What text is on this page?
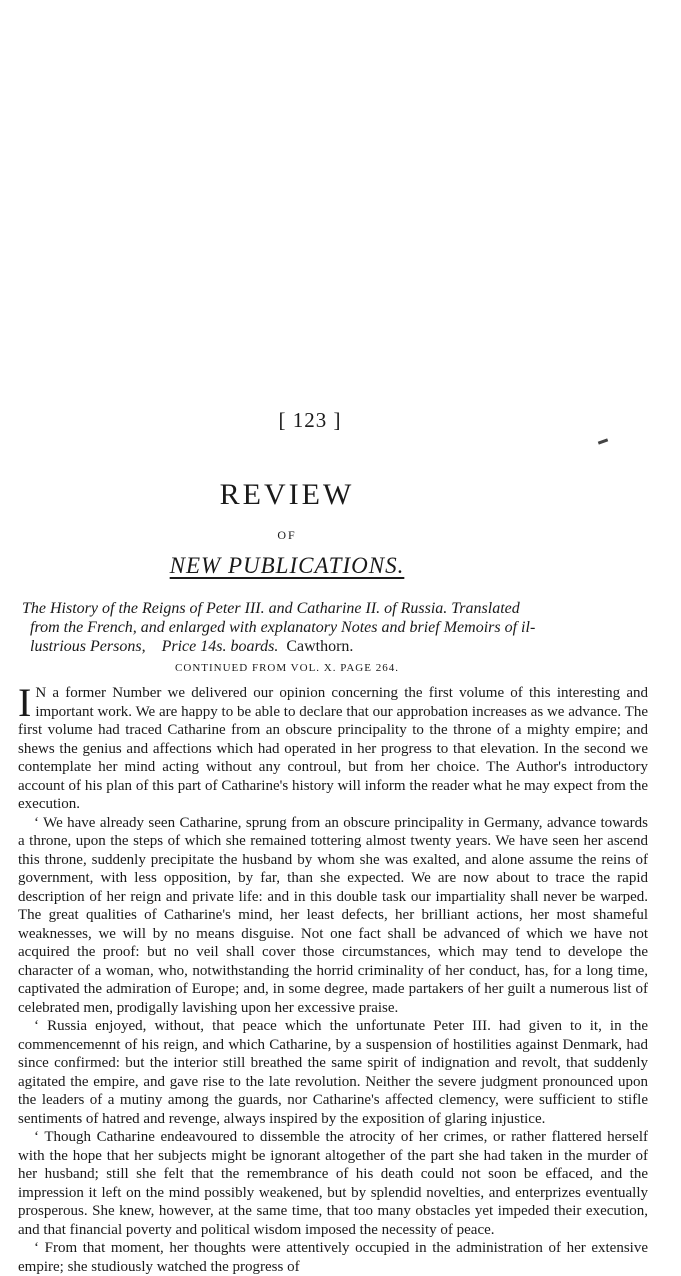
[ 123 ]
REVIEW
OF
NEW PUBLICATIONS.
The History of the Reigns of Peter III. and Catharine II. of Russia. Translated
from the French, and enlarged with explanatory Notes and brief Memoirs of il-
lustrious Persons, Price 14s. boards. Cawthorn.
CONTINUED FROM VOL. X. PAGE 264.

I N a former Number we delivered our opinion concerning the first volume of this interesting and important work. We are happy to be able to declare that our approbation increases as we advance. The first volume had traced Catharine from an obscure principality to the throne of a mighty empire; and shews the genius and affections which had operated in her progress to that elevation. In the second we contemplate her mind acting without any controul, but from her choice. The Author's introductory account of his plan of this part of Catharine's history will inform the reader what he may expect from the execution.

‘ We have already seen Catharine, sprung from an obscure principality in Germany, advance towards a throne, upon the steps of which she remained tottering almost twenty years. We have seen her ascend this throne, suddenly precipitate the husband by whom she was exalted, and alone assume the reins of government, with less opposition, by far, than she expected. We are now about to trace the rapid description of her reign and private life: and in this double task our impartiality shall never be warped. The great qualities of Catharine's mind, her least defects, her brilliant actions, her most shameful weaknesses, we will by no means disguise. Not one fact shall be advanced of which we have not acquired the proof: but no veil shall cover those circumstances, which may tend to develope the character of a woman, who, notwithstanding the horrid criminality of her conduct, has, for a long time, captivated the admiration of Europe; and, in some degree, made partakers of her guilt a numerous list of celebrated men, prodigally lavishing upon her excessive praise.

‘ Russia enjoyed, without, that peace which the unfortunate Peter III. had given to it, in the commencemennt of his reign, and which Catharine, by a suspension of hostilities against Denmark, had since confirmed: but the interior still breathed the same spirit of indignation and revolt, that suddenly agitated the empire, and gave rise to the late revolution. Neither the severe judgment pronounced upon the leaders of a mutiny among the guards, nor Catharine's affected clemency, were sufficient to stifle sentiments of hatred and revenge, always inspired by the exposition of glaring injustice.

‘ Though Catharine endeavoured to dissemble the atrocity of her crimes, or rather flattered herself with the hope that her subjects might be ignorant altogether of the part she had taken in the murder of her husband; still she felt that the remembrance of his death could not soon be effaced, and the impression it left on the mind possibly weakened, but by splendid novelties, and enterprizes eventually prosperous. She knew, however, at the same time, that too many obstacles yet impeded their execution, and that financial poverty and political wisdom imposed the necessity of peace.

‘ From that moment, her thoughts were attentively occupied in the administration of her extensive empire; she studiously watched the progress of
